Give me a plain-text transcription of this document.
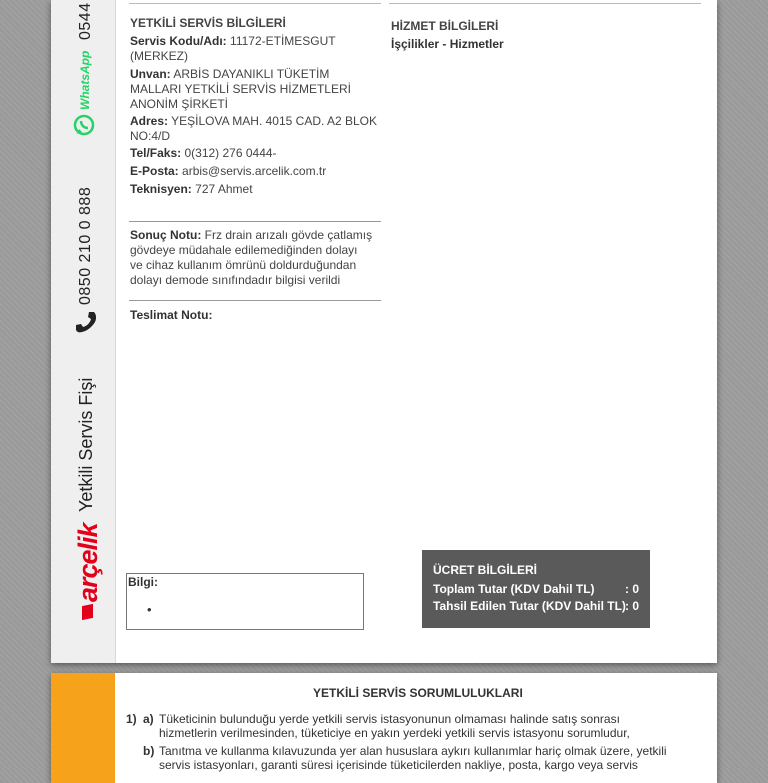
arçelik
Yetkili Servis Fişi
0850 210 0 888
WhatsApp
0544	YETKİLİ SERVİS BİLGİLERİ
Servis Kodu/Adı: 11172-ETİMESGUT
(MERKEZ)
Unvan: ARBİS DAYANIKLI TÜKETİM
MALLARI YETKİLİ SERVİS HİZMETLERİ
ANONİM ŞİRKETİ
Adres: YEŞİLOVA MAH. 4015 CAD. A2 BLOK
NO:4/D
Tel/Faks: 0(312) 276 0444-
E-Posta: arbis@servis.arcelik.com.tr
Teknisyen: 727 Ahmet
Sonuç Notu: Frz drain arızalı gövde çatlamış
gövdeye müdahale edilemediğinden dolayı
ve cihaz kullanım ömrünü doldurduğundan
dolayı demode sınıfındadır bilgisi verildi
Teslimat Notu:
Bilgi:
•
HİZMET BİLGİLERİ
İşçilikler - Hizmetler
ÜCRET BİLGİLERİ
Toplam Tutar (KDV Dahil TL)	: 0
Tahsil Edilen Tutar (KDV Dahil TL) : 0
YETKİLİ SERVİS SORUMLULUKLARI
1) a) Tüketicinin bulunduğu yerde yetkili servis istasyonunun olmaması halinde satış sonrası
hizmetlerin verilmesinden, tüketiciye en yakın yerdeki yetkili servis istasyonu sorumludur,
b) Tanıtma ve kullanma kılavuzunda yer alan hususlara aykırı kullanımlar hariç olmak üzere, yetkili
servis istasyonları, garanti süresi içerisinde tüketicilerden nakliye, posta, kargo veya servis
